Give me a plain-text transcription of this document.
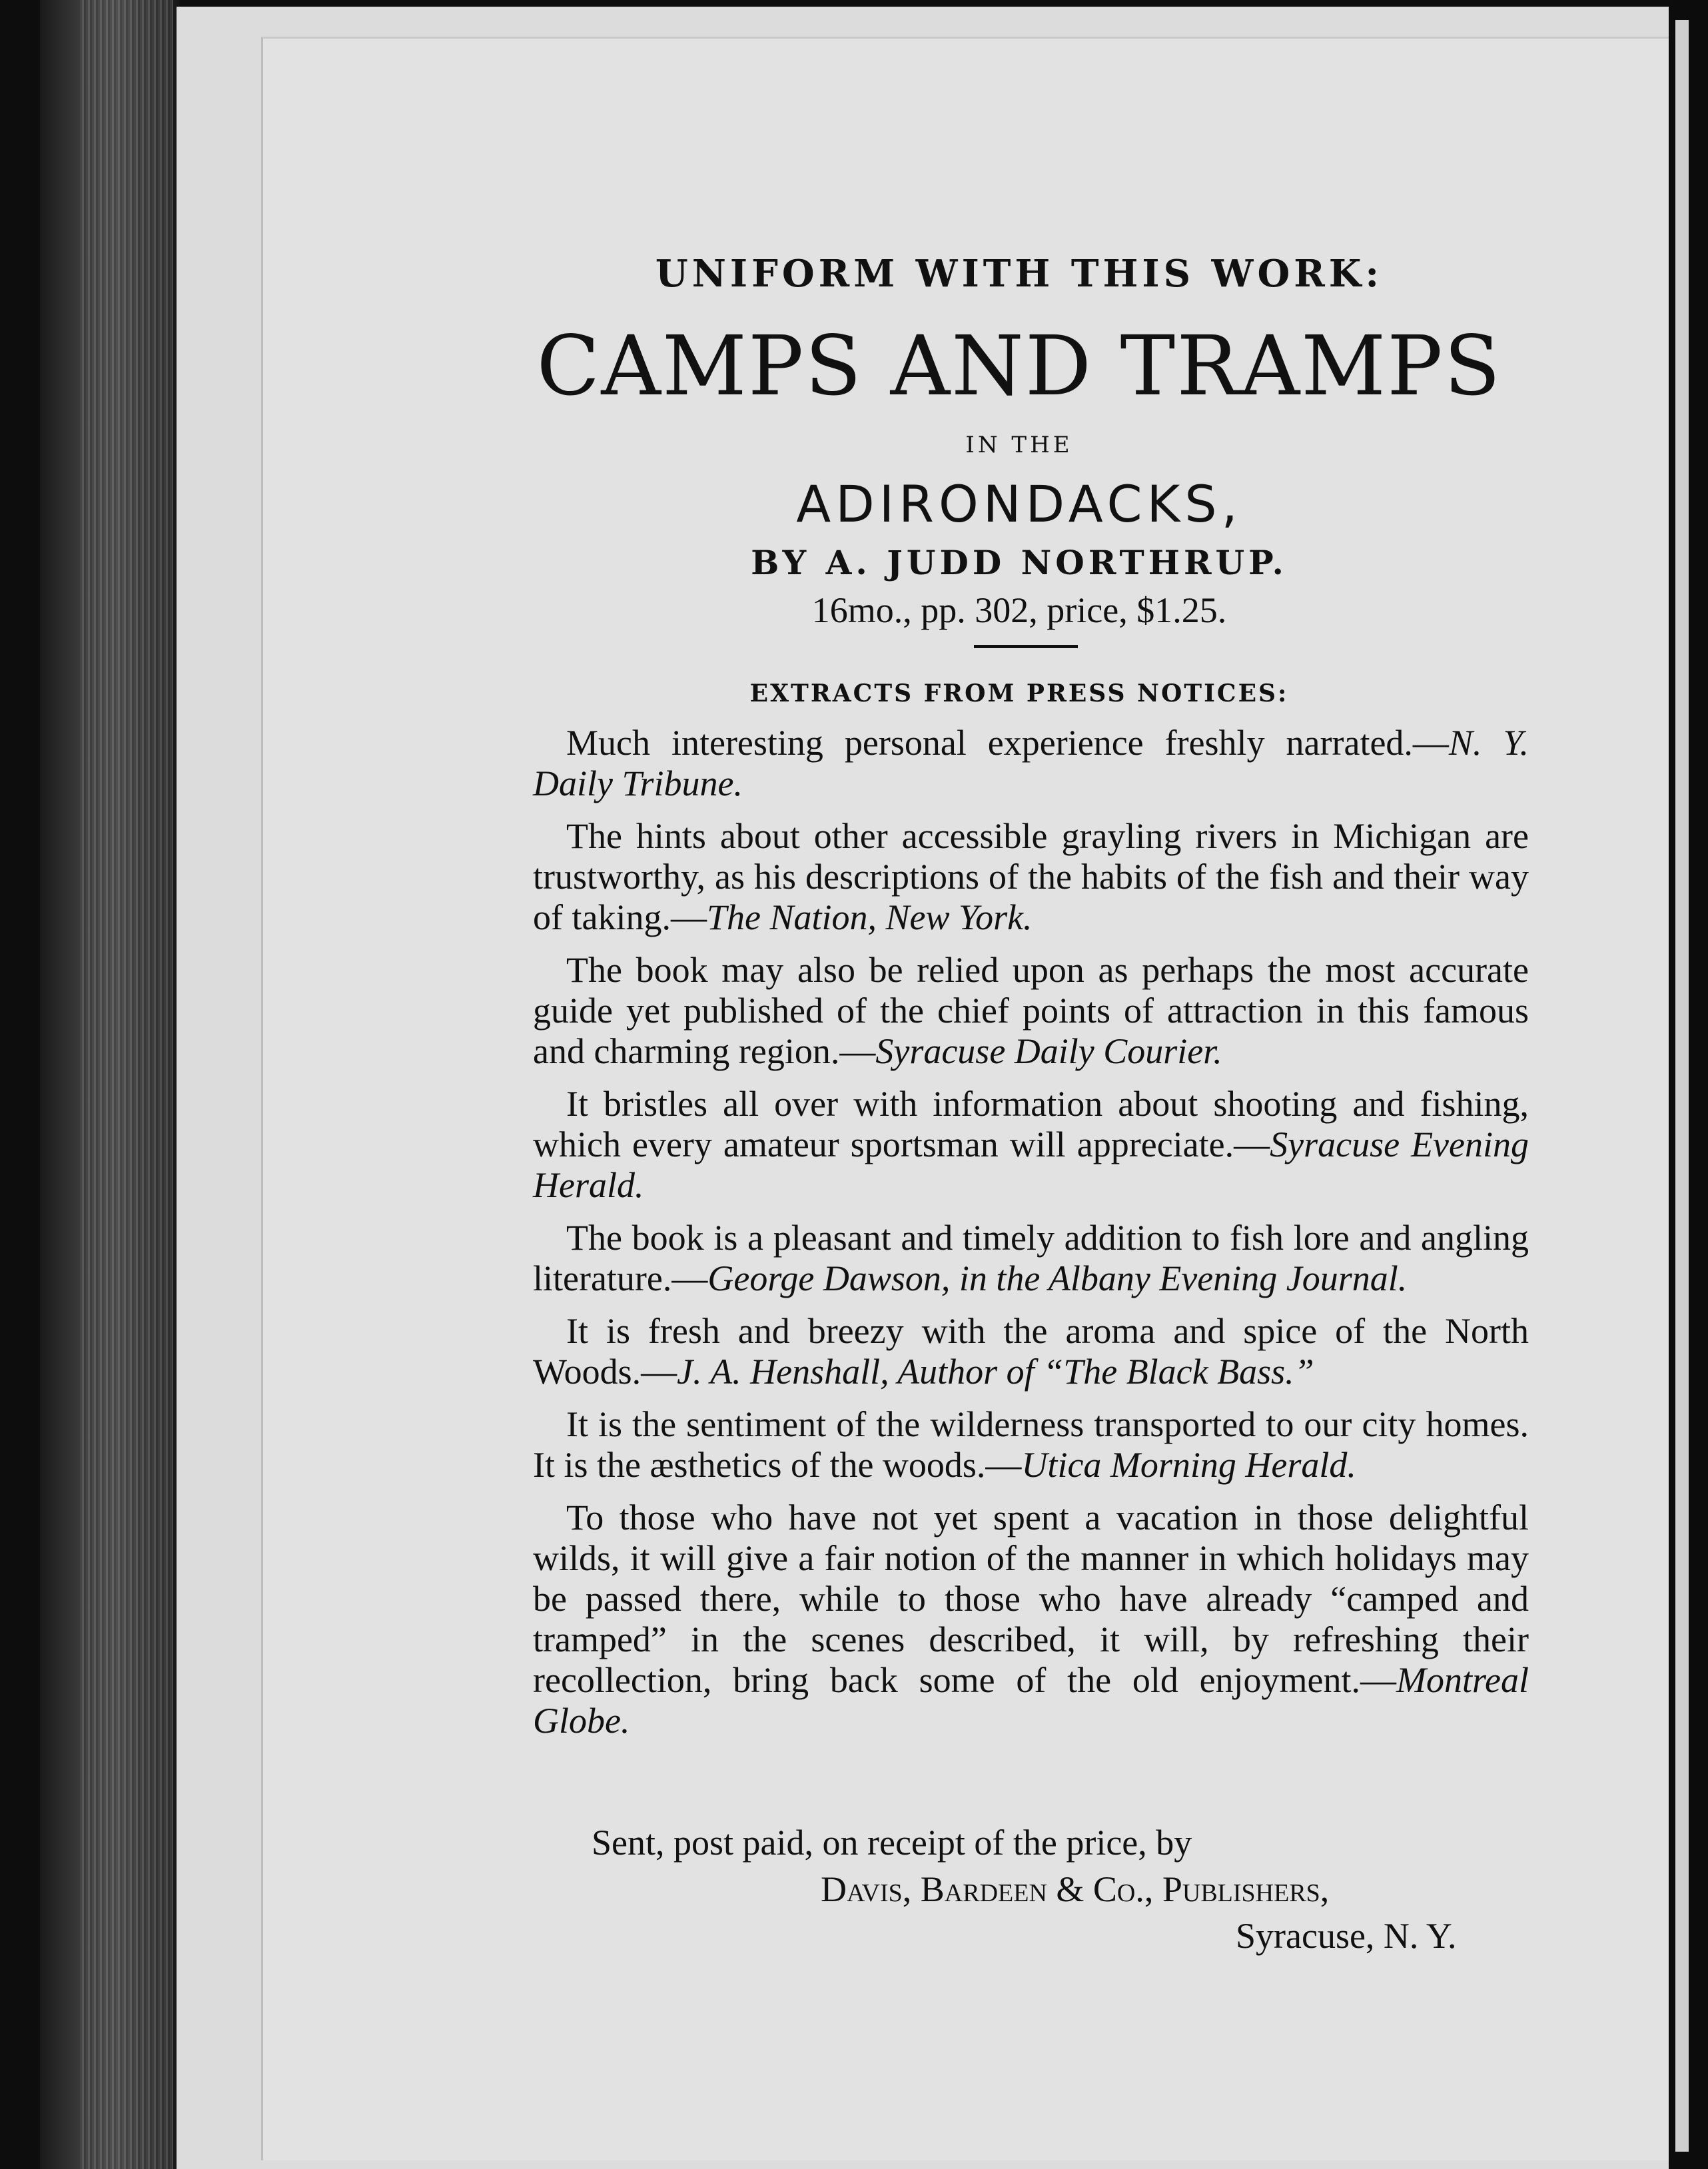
UNIFORM WITH THIS WORK:
CAMPS AND TRAMPS
IN THE
ADIRONDACKS,
BY A. JUDD NORTHRUP.
16mo., pp. 302, price, $1.25.
EXTRACTS FROM PRESS NOTICES:

Much interesting personal experience freshly narrated.—N. Y. Daily Tribune.

The hints about other accessible grayling rivers in Michigan are trustworthy, as his descriptions of the habits of the fish and their way of taking.—The Nation, New York.

The book may also be relied upon as perhaps the most accurate guide yet published of the chief points of attraction in this famous and charming region.—Syracuse Daily Courier.

It bristles all over with information about shooting and fishing, which every amateur sportsman will appreciate.—Syracuse Evening Herald.

The book is a pleasant and timely addition to fish lore and angling literature.—George Dawson, in the Albany Evening Journal.

It is fresh and breezy with the aroma and spice of the North Woods.—J. A. Henshall, Author of “The Black Bass.”

It is the sentiment of the wilderness transported to our city homes. It is the æsthetics of the woods.—Utica Morning Herald.

To those who have not yet spent a vacation in those delightful wilds, it will give a fair notion of the manner in which holidays may be passed there, while to those who have already “camped and tramped” in the scenes described, it will, by refreshing their recollection, bring back some of the old enjoyment.—Montreal Globe.

Sent, post paid, on receipt of the price, by
Davis, Bardeen & Co., Publishers,
Syracuse, N. Y.
